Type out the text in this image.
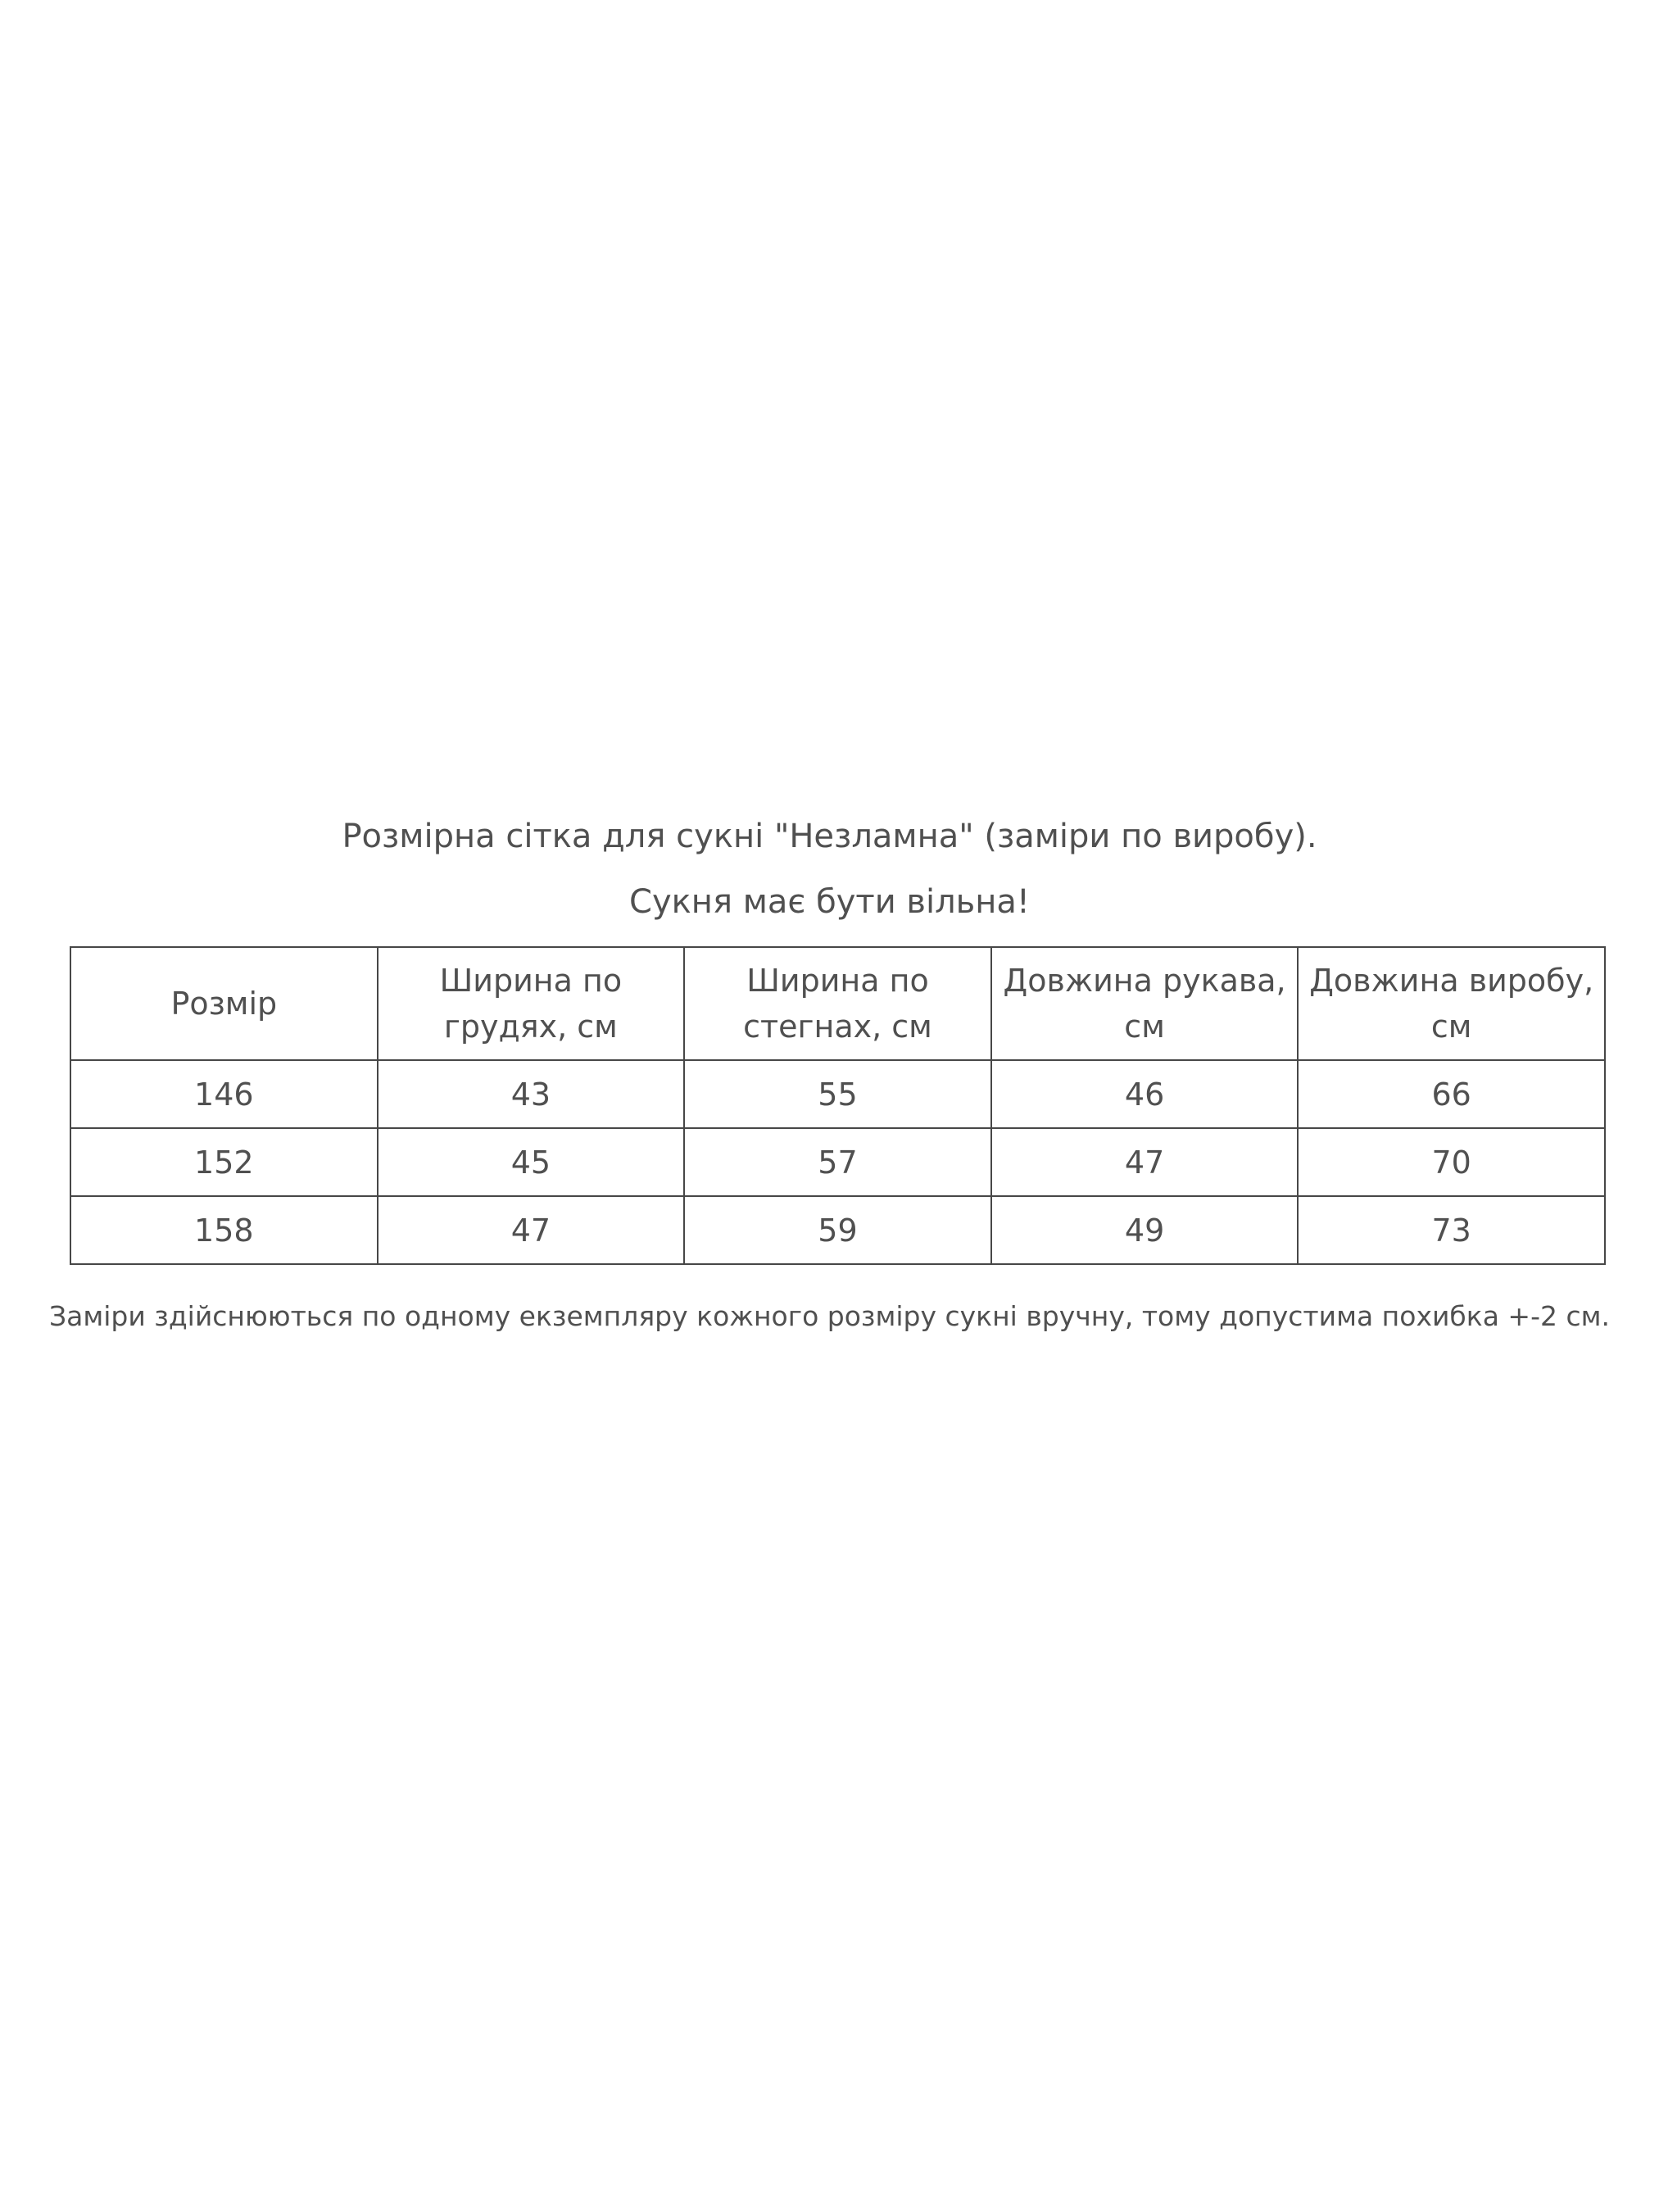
Розмірна сітка для сукні "Незламна" (заміри по виробу).
Сукня має бути вільна!
Розмір	Ширина по грудях, см	Ширина по стегнах, см	Довжина рукава, см	Довжина виробу, см
146	43	55	46	66
152	45	57	47	70
158	47	59	49	73
Заміри здійснюються по одному екземпляру кожного розміру сукні вручну, тому допустима похибка +-2 см.
